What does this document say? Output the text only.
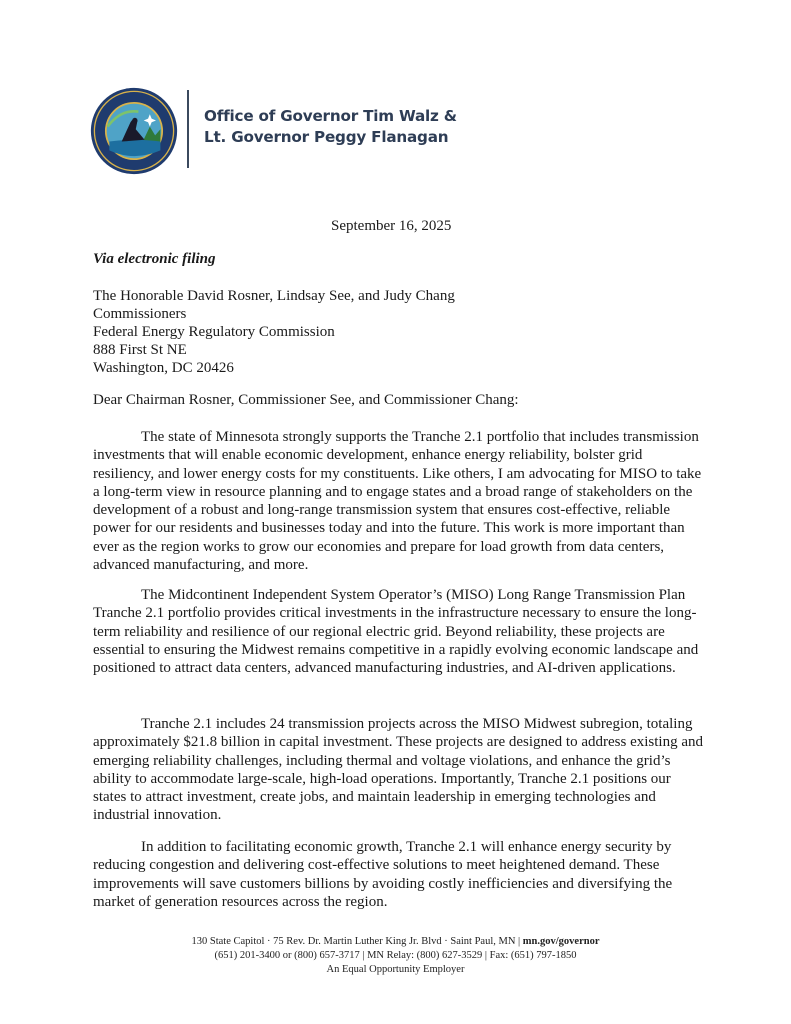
Office of Governor Tim Walz &
Lt. Governor Peggy Flanagan
September 16, 2025
Via electronic filing
The Honorable David Rosner, Lindsay See, and Judy Chang
Commissioners
Federal Energy Regulatory Commission
888 First St NE
Washington, DC 20426
Dear Chairman Rosner, Commissioner See, and Commissioner Chang:

The state of Minnesota strongly supports the Tranche 2.1 portfolio that includes transmission investments that will enable economic development, enhance energy reliability, bolster grid resiliency, and lower energy costs for my constituents. Like others, I am advocating for MISO to take a long-term view in resource planning and to engage states and a broad range of stakeholders on the development of a robust and long-range transmission system that ensures cost-effective, reliable power for our residents and businesses today and into the future. This work is more important than ever as the region works to grow our economies and prepare for load growth from data centers, advanced manufacturing, and more.

The Midcontinent Independent System Operator’s (MISO) Long Range Transmission Plan Tranche 2.1 portfolio provides critical investments in the infrastructure necessary to ensure the long-term reliability and resilience of our regional electric grid. Beyond reliability, these projects are essential to ensuring the Midwest remains competitive in a rapidly evolving economic landscape and positioned to attract data centers, advanced manufacturing industries, and AI-driven applications.

Tranche 2.1 includes 24 transmission projects across the MISO Midwest subregion, totaling approximately $21.8 billion in capital investment. These projects are designed to address existing and emerging reliability challenges, including thermal and voltage violations, and enhance the grid’s ability to accommodate large-scale, high-load operations. Importantly, Tranche 2.1 positions our states to attract investment, create jobs, and maintain leadership in emerging technologies and industrial innovation.

In addition to facilitating economic growth, Tranche 2.1 will enhance energy security by reducing congestion and delivering cost-effective solutions to meet heightened demand. These improvements will save customers billions by avoiding costly inefficiencies and diversifying the market of generation resources across the region.

130 State Capitol · 75 Rev. Dr. Martin Luther King Jr. Blvd · Saint Paul, MN | mn.gov/governor
(651) 201-3400 or (800) 657-3717 | MN Relay: (800) 627-3529 | Fax: (651) 797-1850
An Equal Opportunity Employer
